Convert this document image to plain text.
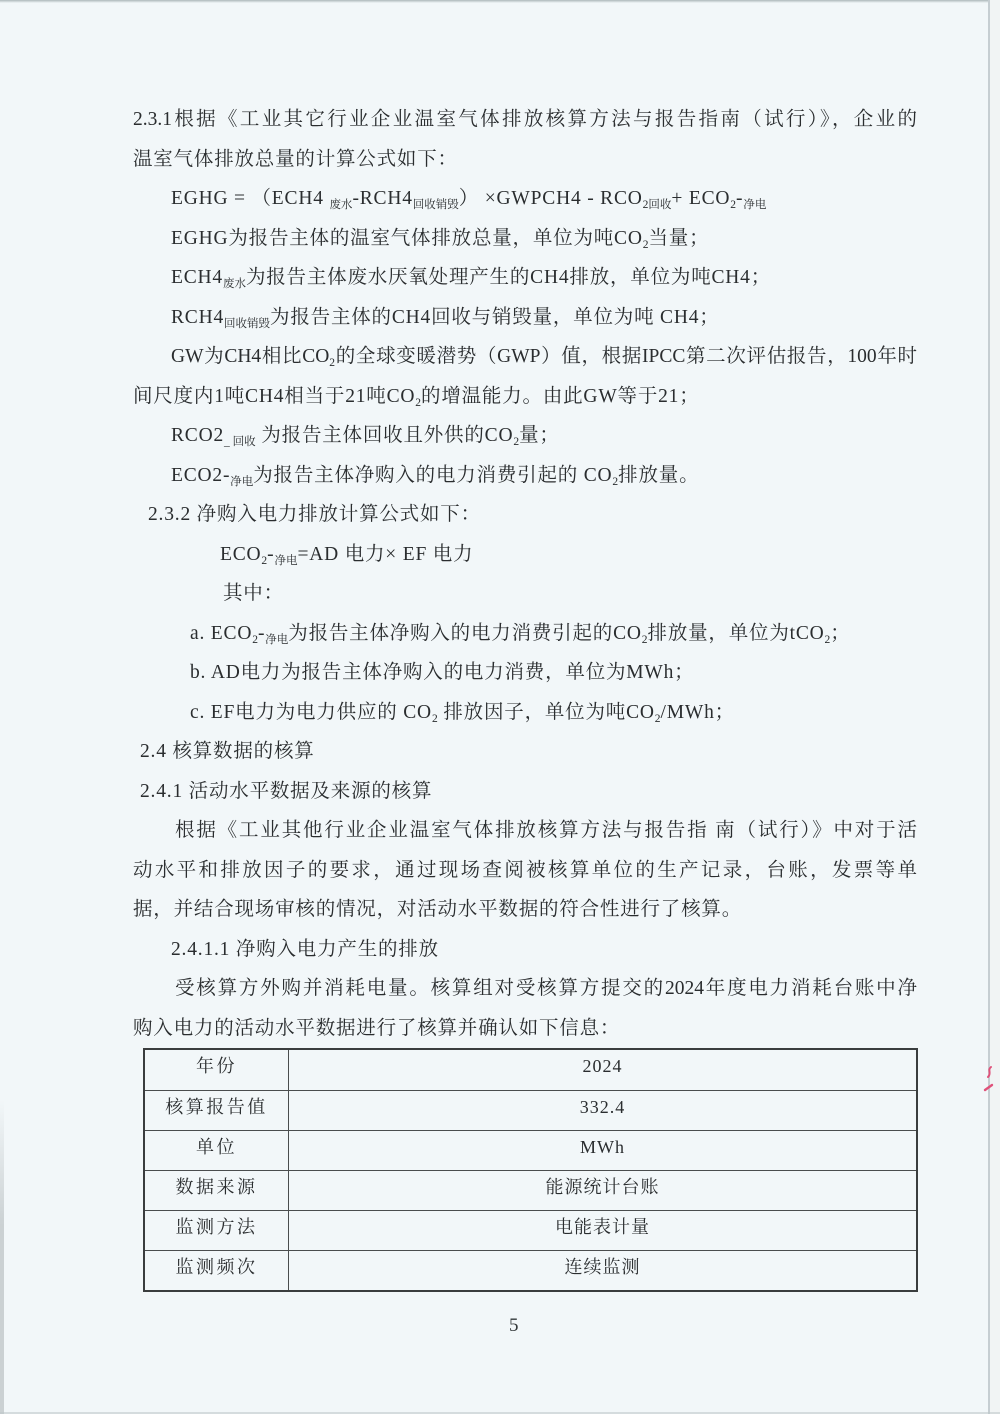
2.3.1根据《工业其它行业企业温室气体排放核算方法与报告指南（试行）》，企业的
温室气体排放总量的计算公式如下：
EGHG = （ECH4 $_{废水}-RCH4_{回收销毁}$） ×GWPCH4 - $RCO_{2回收}+ ECO_2-_{净电}$
EGHG为报告主体的温室气体排放总量，单位为吨$CO_2$当量；
$ECH4_{废水}$为报告主体废水厌氧处理产生的CH4排放，单位为吨CH4；
$RCH4_{回收销毁}$为报告主体的CH4回收与销毁量，单位为吨 CH4；
GW为CH4相比$CO_2$的全球变暖潜势（GWP）值，根据IPCC第二次评估报告，100年时
间尺度内1吨CH4相当于21吨$CO_2$的增温能力。由此GW等于21；
$RCO2_{\_ 回收}$ 为报告主体回收且外供的$CO_2$量；
$ECO2-_{净电}$为报告主体净购入的电力消费引起的 $CO_2$排放量。
2.3.2 净购入电力排放计算公式如下：
$ECO_2-_{净电}=AD$ 电力× EF 电力
其中：
a. $ECO_2-_{净电}$为报告主体净购入的电力消费引起的$CO_2$排放量，单位为tCO$_2$；
b. AD电力为报告主体净购入的电力消费，单位为MWh；
c. EF电力为电力供应的 $CO_2$ 排放因子，单位为吨$CO_2$/MWh；
2.4 核算数据的核算
2.4.1 活动水平数据及来源的核算
根据《工业其他行业企业温室气体排放核算方法与报告指 南（试行）》中对于活
动水平和排放因子的要求，通过现场查阅被核算单位的生产记录，台账，发票等单
据，并结合现场审核的情况，对活动水平数据的符合性进行了核算。
2.4.1.1 净购入电力产生的排放
受核算方外购并消耗电量。核算组对受核算方提交的2024年度电力消耗台账中净
购入电力的活动水平数据进行了核算并确认如下信息：
年份	2024
核算报告值	332.4
单位	MWh
数据来源	能源统计台账
监测方法	电能表计量
监测频次	连续监测
5
